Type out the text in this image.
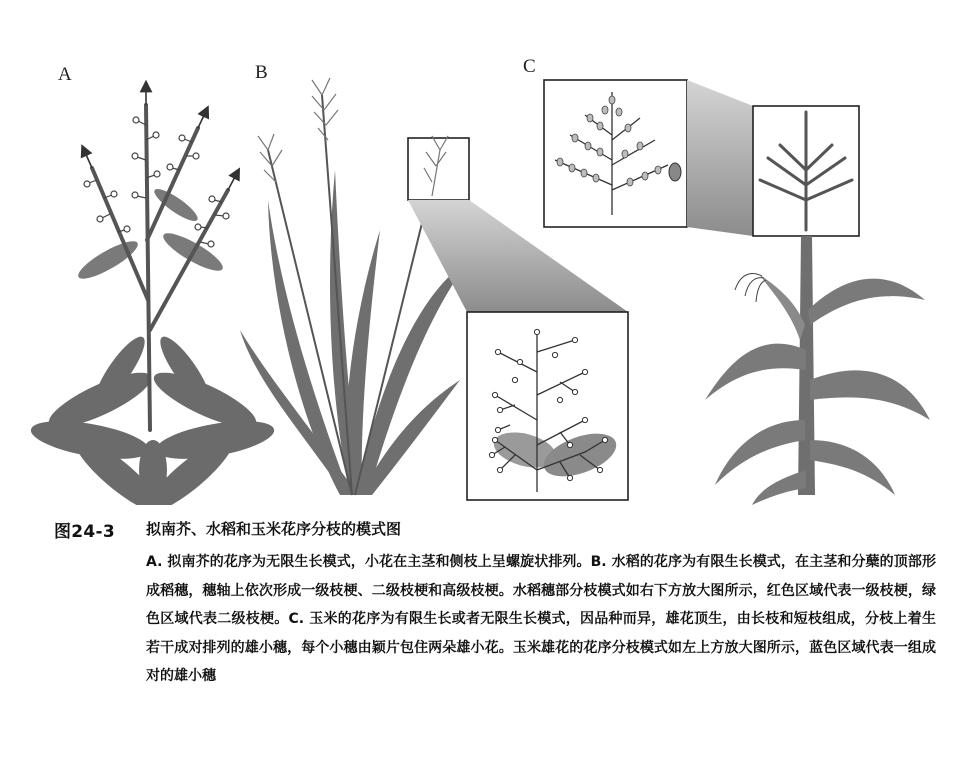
A	B	C
图24-3 拟南芥、水稻和玉米花序分枝的模式图
A. 拟南芥的花序为无限生长模式，小花在主茎和侧枝上呈螺旋状排列。B. 水稻的花序为有限生长模式，在主茎和分蘖的顶部形成稻穗，穗轴上依次形成一级枝梗、二级枝梗和高级枝梗。水稻穗部分枝模式如右下方放大图所示，红色区域代表一级枝梗，绿色区域代表二级枝梗。C. 玉米的花序为有限生长或者无限生长模式，因品种而异，雄花顶生，由长枝和短枝组成，分枝上着生若干成对排列的雄小穗，每个小穗由颖片包住两朵雄小花。玉米雄花的花序分枝模式如左上方放大图所示，蓝色区域代表一组成对的雄小穗
